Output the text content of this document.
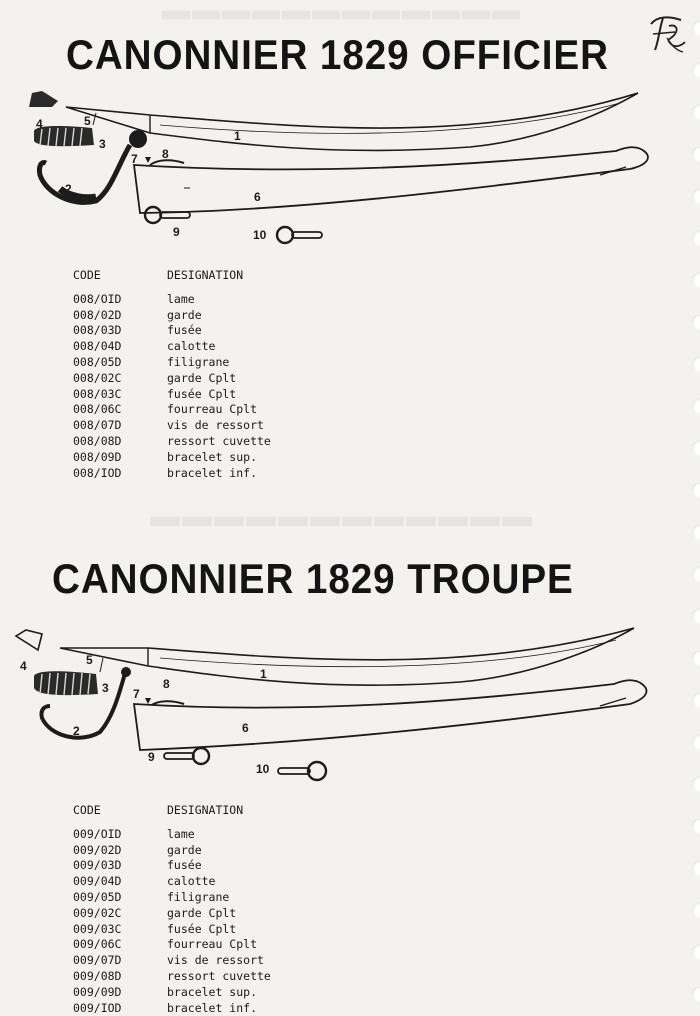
▬▬▬▬▬▬▬▬▬▬▬▬
▬▬▬▬▬▬▬▬▬▬▬▬
CANONNIER 1829 OFFICIER
1
2
3
4	5
6
7 8
9	10
CODE	DESIGNATION
008/OID	lame
008/02D	garde
008/03D	fusée
008/04D	calotte
008/05D	filigrane
008/02C	garde Cplt
008/03C	fusée Cplt
008/06C	fourreau Cplt
008/07D	vis de ressort
008/08D	ressort cuvette
008/09D	bracelet sup.
008/IOD	bracelet inf.
CANONNIER 1829 TROUPE
1
2
3
4	5
6
7
8
9
10
CODE	DESIGNATION
009/OID	lame
009/02D	garde
009/03D	fusée
009/04D	calotte
009/05D	filigrane
009/02C	garde Cplt
009/03C	fusée Cplt
009/06C	fourreau Cplt
009/07D	vis de ressort
009/08D	ressort cuvette
009/09D	bracelet sup.
009/IOD	bracelet inf.
